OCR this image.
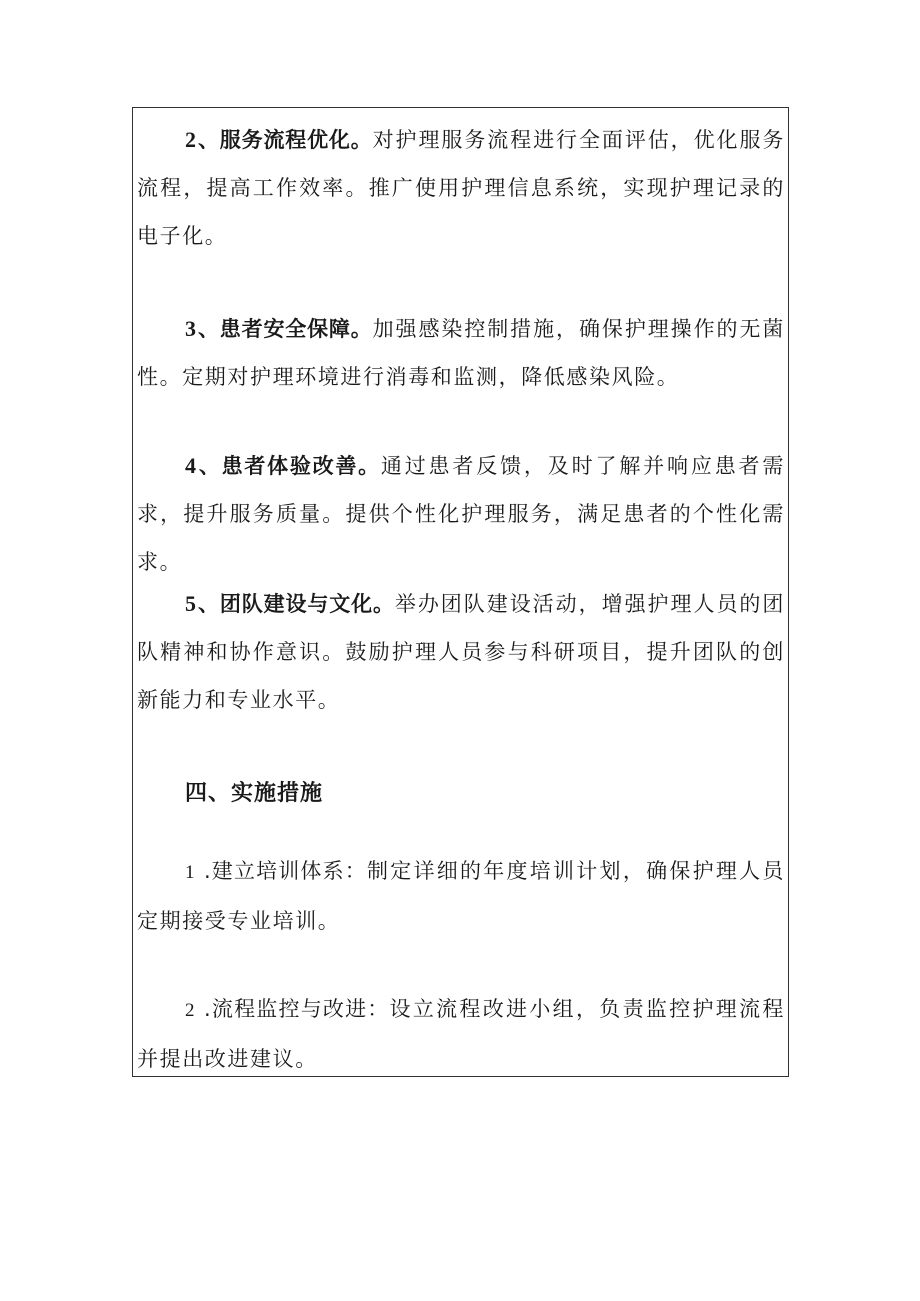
2、服务流程优化。对护理服务流程进行全面评估，优化服务流程，提高工作效率。推广使用护理信息系统，实现护理记录的电子化。

3、患者安全保障。加强感染控制措施，确保护理操作的无菌性。定期对护理环境进行消毒和监测，降低感染风险。

4、患者体验改善。通过患者反馈，及时了解并响应患者需求，提升服务质量。提供个性化护理服务，满足患者的个性化需求。

5、团队建设与文化。举办团队建设活动，增强护理人员的团队精神和协作意识。鼓励护理人员参与科研项目，提升团队的创新能力和专业水平。

四、实施措施

1 .建立培训体系：制定详细的年度培训计划，确保护理人员定期接受专业培训。

2 .流程监控与改进：设立流程改进小组，负责监控护理流程并提出改进建议。
